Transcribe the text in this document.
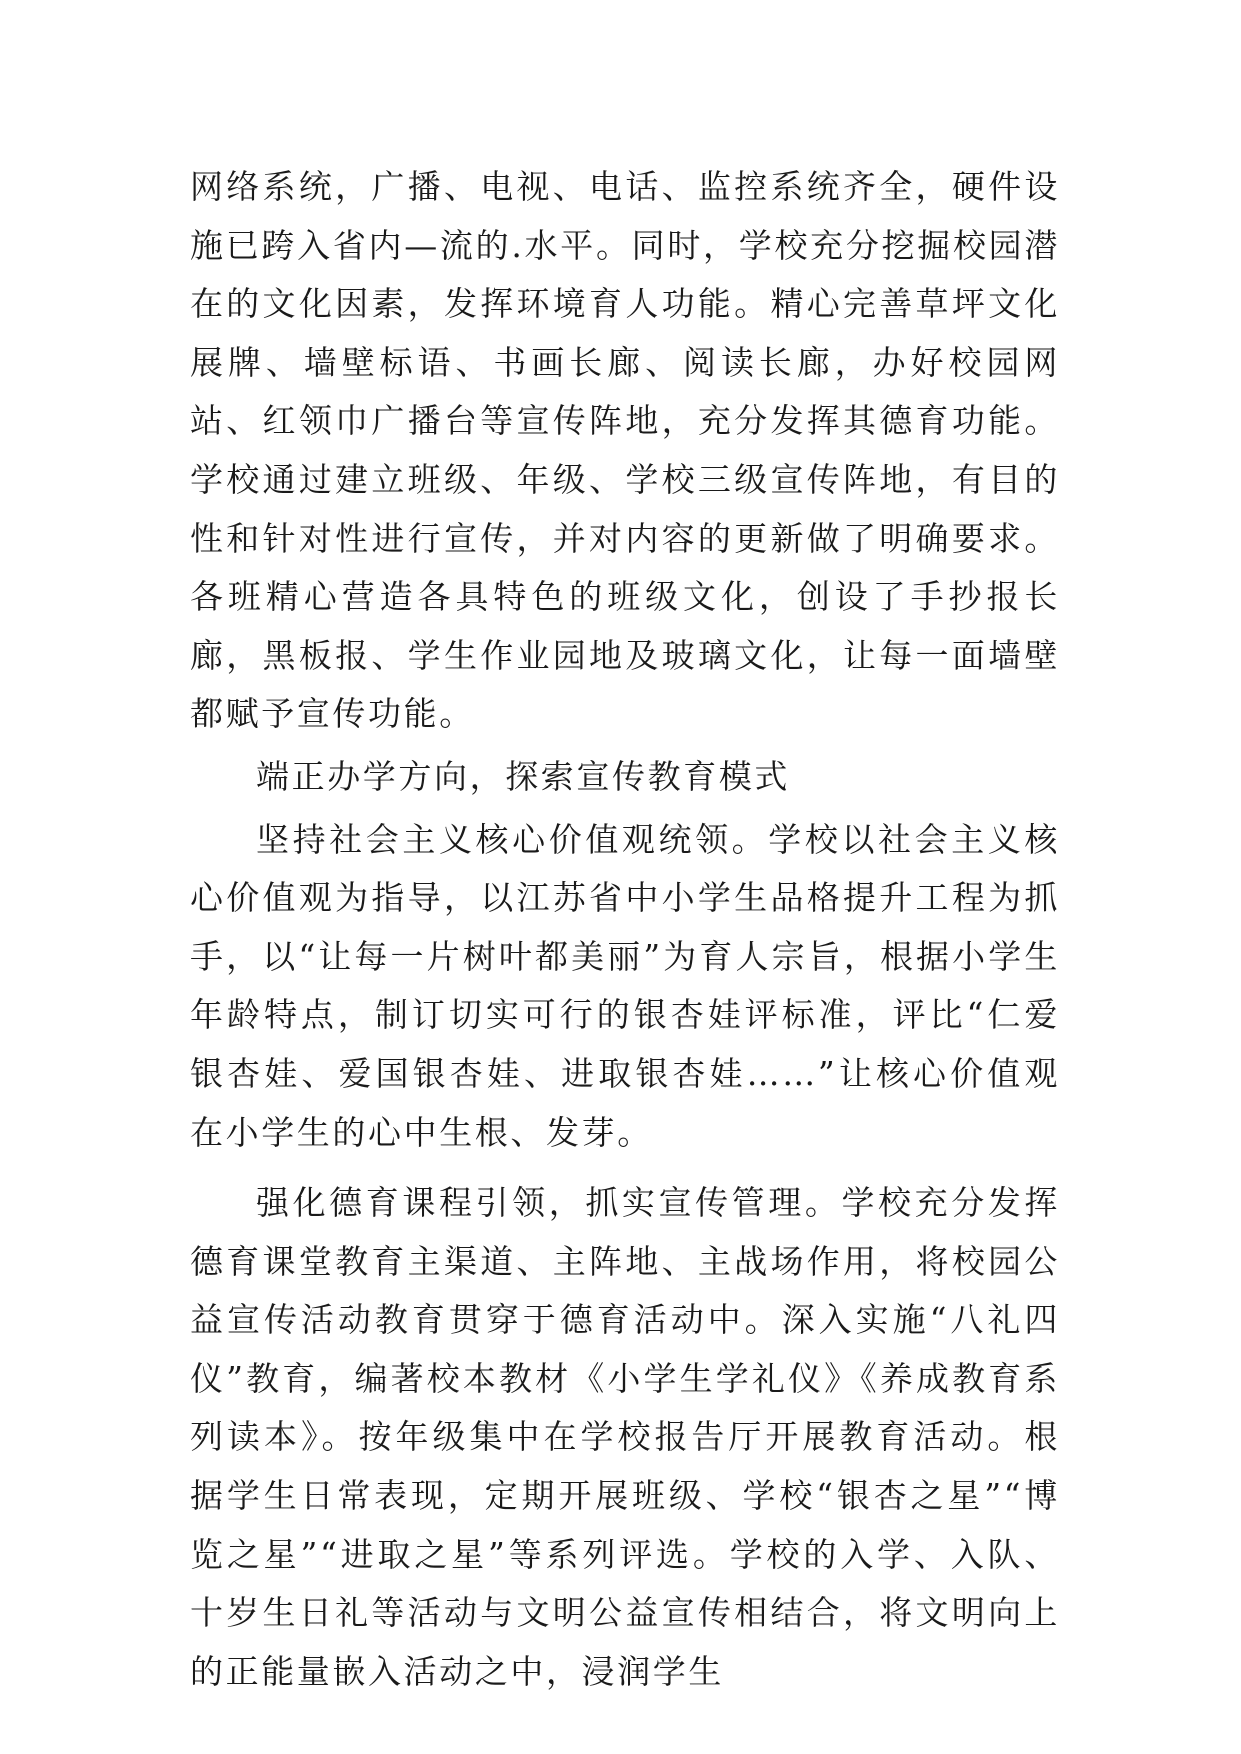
网络系统，广播、电视、电话、监控系统齐全，硬件设施已跨入省内—流的.水平。同时，学校充分挖掘校园潜在的文化因素，发挥环境育人功能。精心完善草坪文化展牌、墙壁标语、书画长廊、阅读长廊，办好校园网站、红领巾广播台等宣传阵地，充分发挥其德育功能。学校通过建立班级、年级、学校三级宣传阵地，有目的性和针对性进行宣传，并对内容的更新做了明确要求。各班精心营造各具特色的班级文化，创设了手抄报长廊，黑板报、学生作业园地及玻璃文化，让每一面墙壁都赋予宣传功能。

端正办学方向，探索宣传教育模式

坚持社会主义核心价值观统领。学校以社会主义核心价值观为指导，以江苏省中小学生品格提升工程为抓手，以“让每一片树叶都美丽”为育人宗旨，根据小学生年龄特点，制订切实可行的银杏娃评标准，评比“仁爱银杏娃、爱国银杏娃、进取银杏娃……”让核心价值观在小学生的心中生根、发芽。

强化德育课程引领，抓实宣传管理。学校充分发挥德育课堂教育主渠道、主阵地、主战场作用，将校园公益宣传活动教育贯穿于德育活动中。深入实施“八礼四仪”教育，编著校本教材《小学生学礼仪》《养成教育系列读本》。按年级集中在学校报告厅开展教育活动。根据学生日常表现，定期开展班级、学校“银杏之星”“博览之星”“进取之星”等系列评选。学校的入学、入队、十岁生日礼等活动与文明公益宣传相结合，将文明向上的正能量嵌入活动之中，浸润学生
